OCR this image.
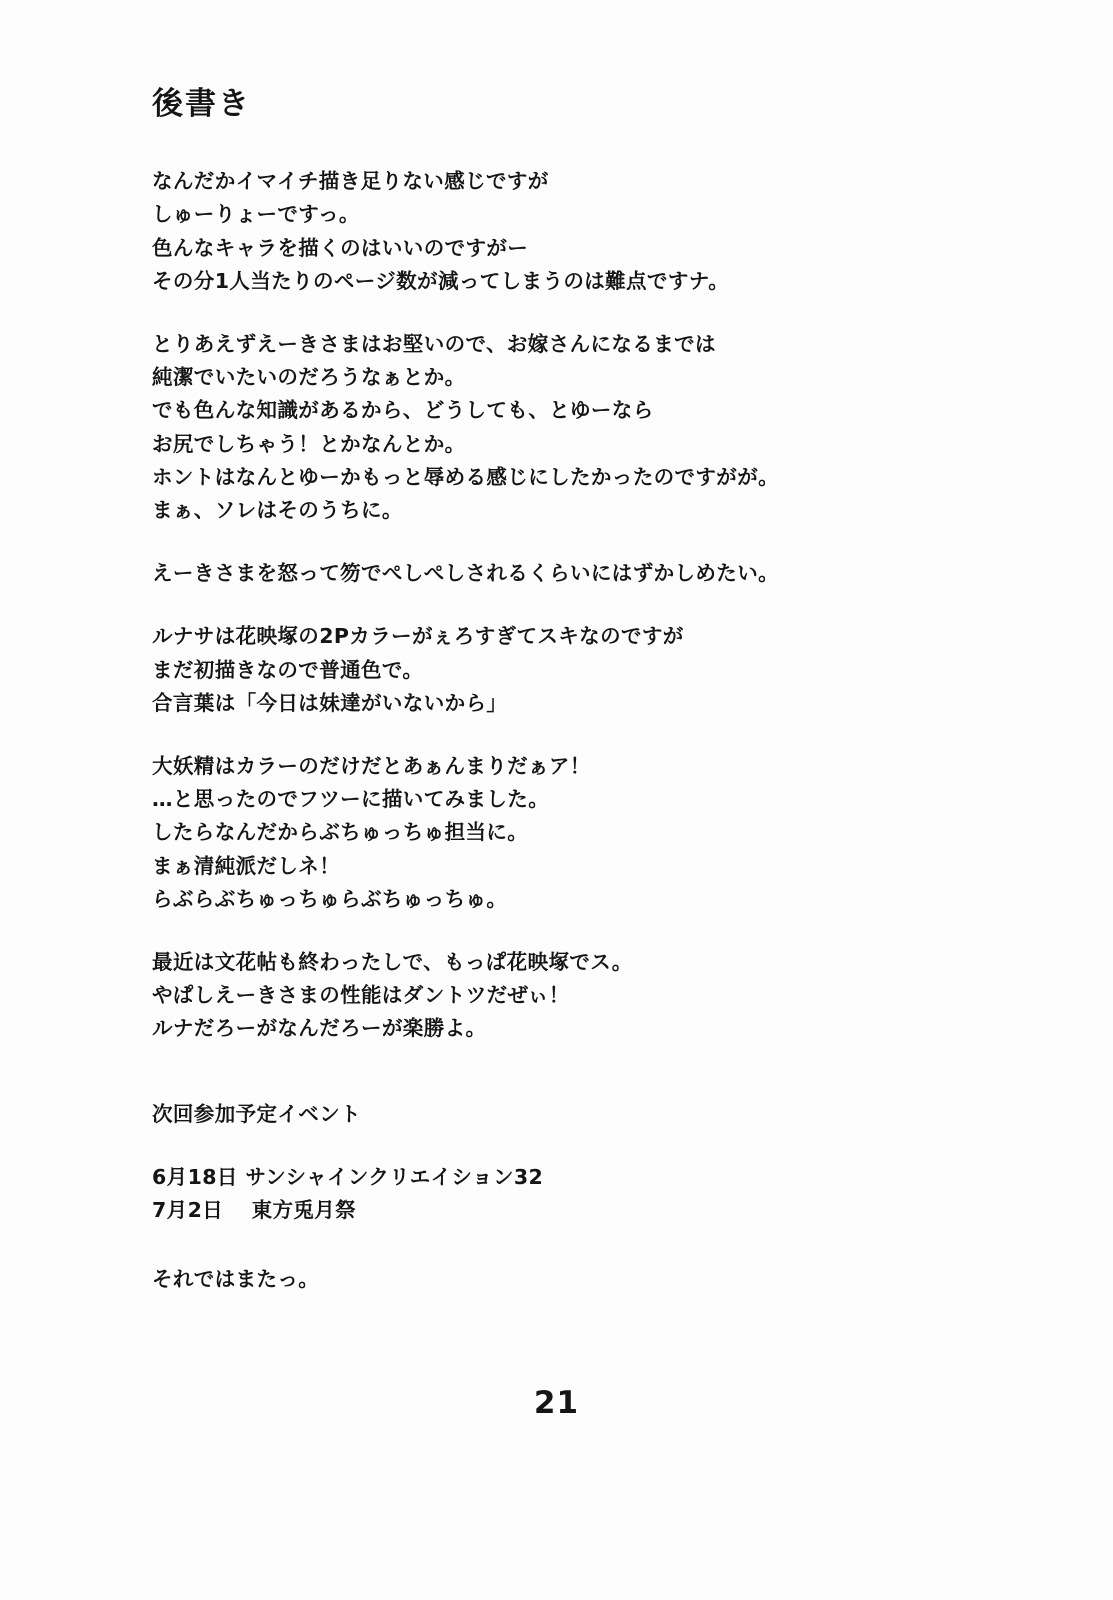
後書き
なんだかイマイチ描き足りない感じですが
しゅーりょーですっ。
色んなキャラを描くのはいいのですがー
その分1人当たりのページ数が減ってしまうのは難点ですナ。
とりあえずえーきさまはお堅いので、お嫁さんになるまでは
純潔でいたいのだろうなぁとか。
でも色んな知識があるから、どうしても、とゆーなら
お尻でしちゃう！とかなんとか。
ホントはなんとゆーかもっと辱める感じにしたかったのですがが。
まぁ、ソレはそのうちに。
えーきさまを怒って笏でぺしぺしされるくらいにはずかしめたい。
ルナサは花映塚の2Pカラーがぇろすぎてスキなのですが
まだ初描きなので普通色で。
合言葉は「今日は妹達がいないから」
大妖精はカラーのだけだとあぁんまりだぁア！
…と思ったのでフツーに描いてみました。
したらなんだからぶちゅっちゅ担当に。
まぁ清純派だしネ！
らぶらぶちゅっちゅらぶちゅっちゅ。
最近は文花帖も終わったしで、もっぱ花映塚でス。
やぱしえーきさまの性能はダントツだぜぃ！
ルナだろーがなんだろーが楽勝よ。
次回参加予定イベント
6月18日 サンシャインクリエイション32
7月2日　 東方兎月祭
それではまたっ。
21
